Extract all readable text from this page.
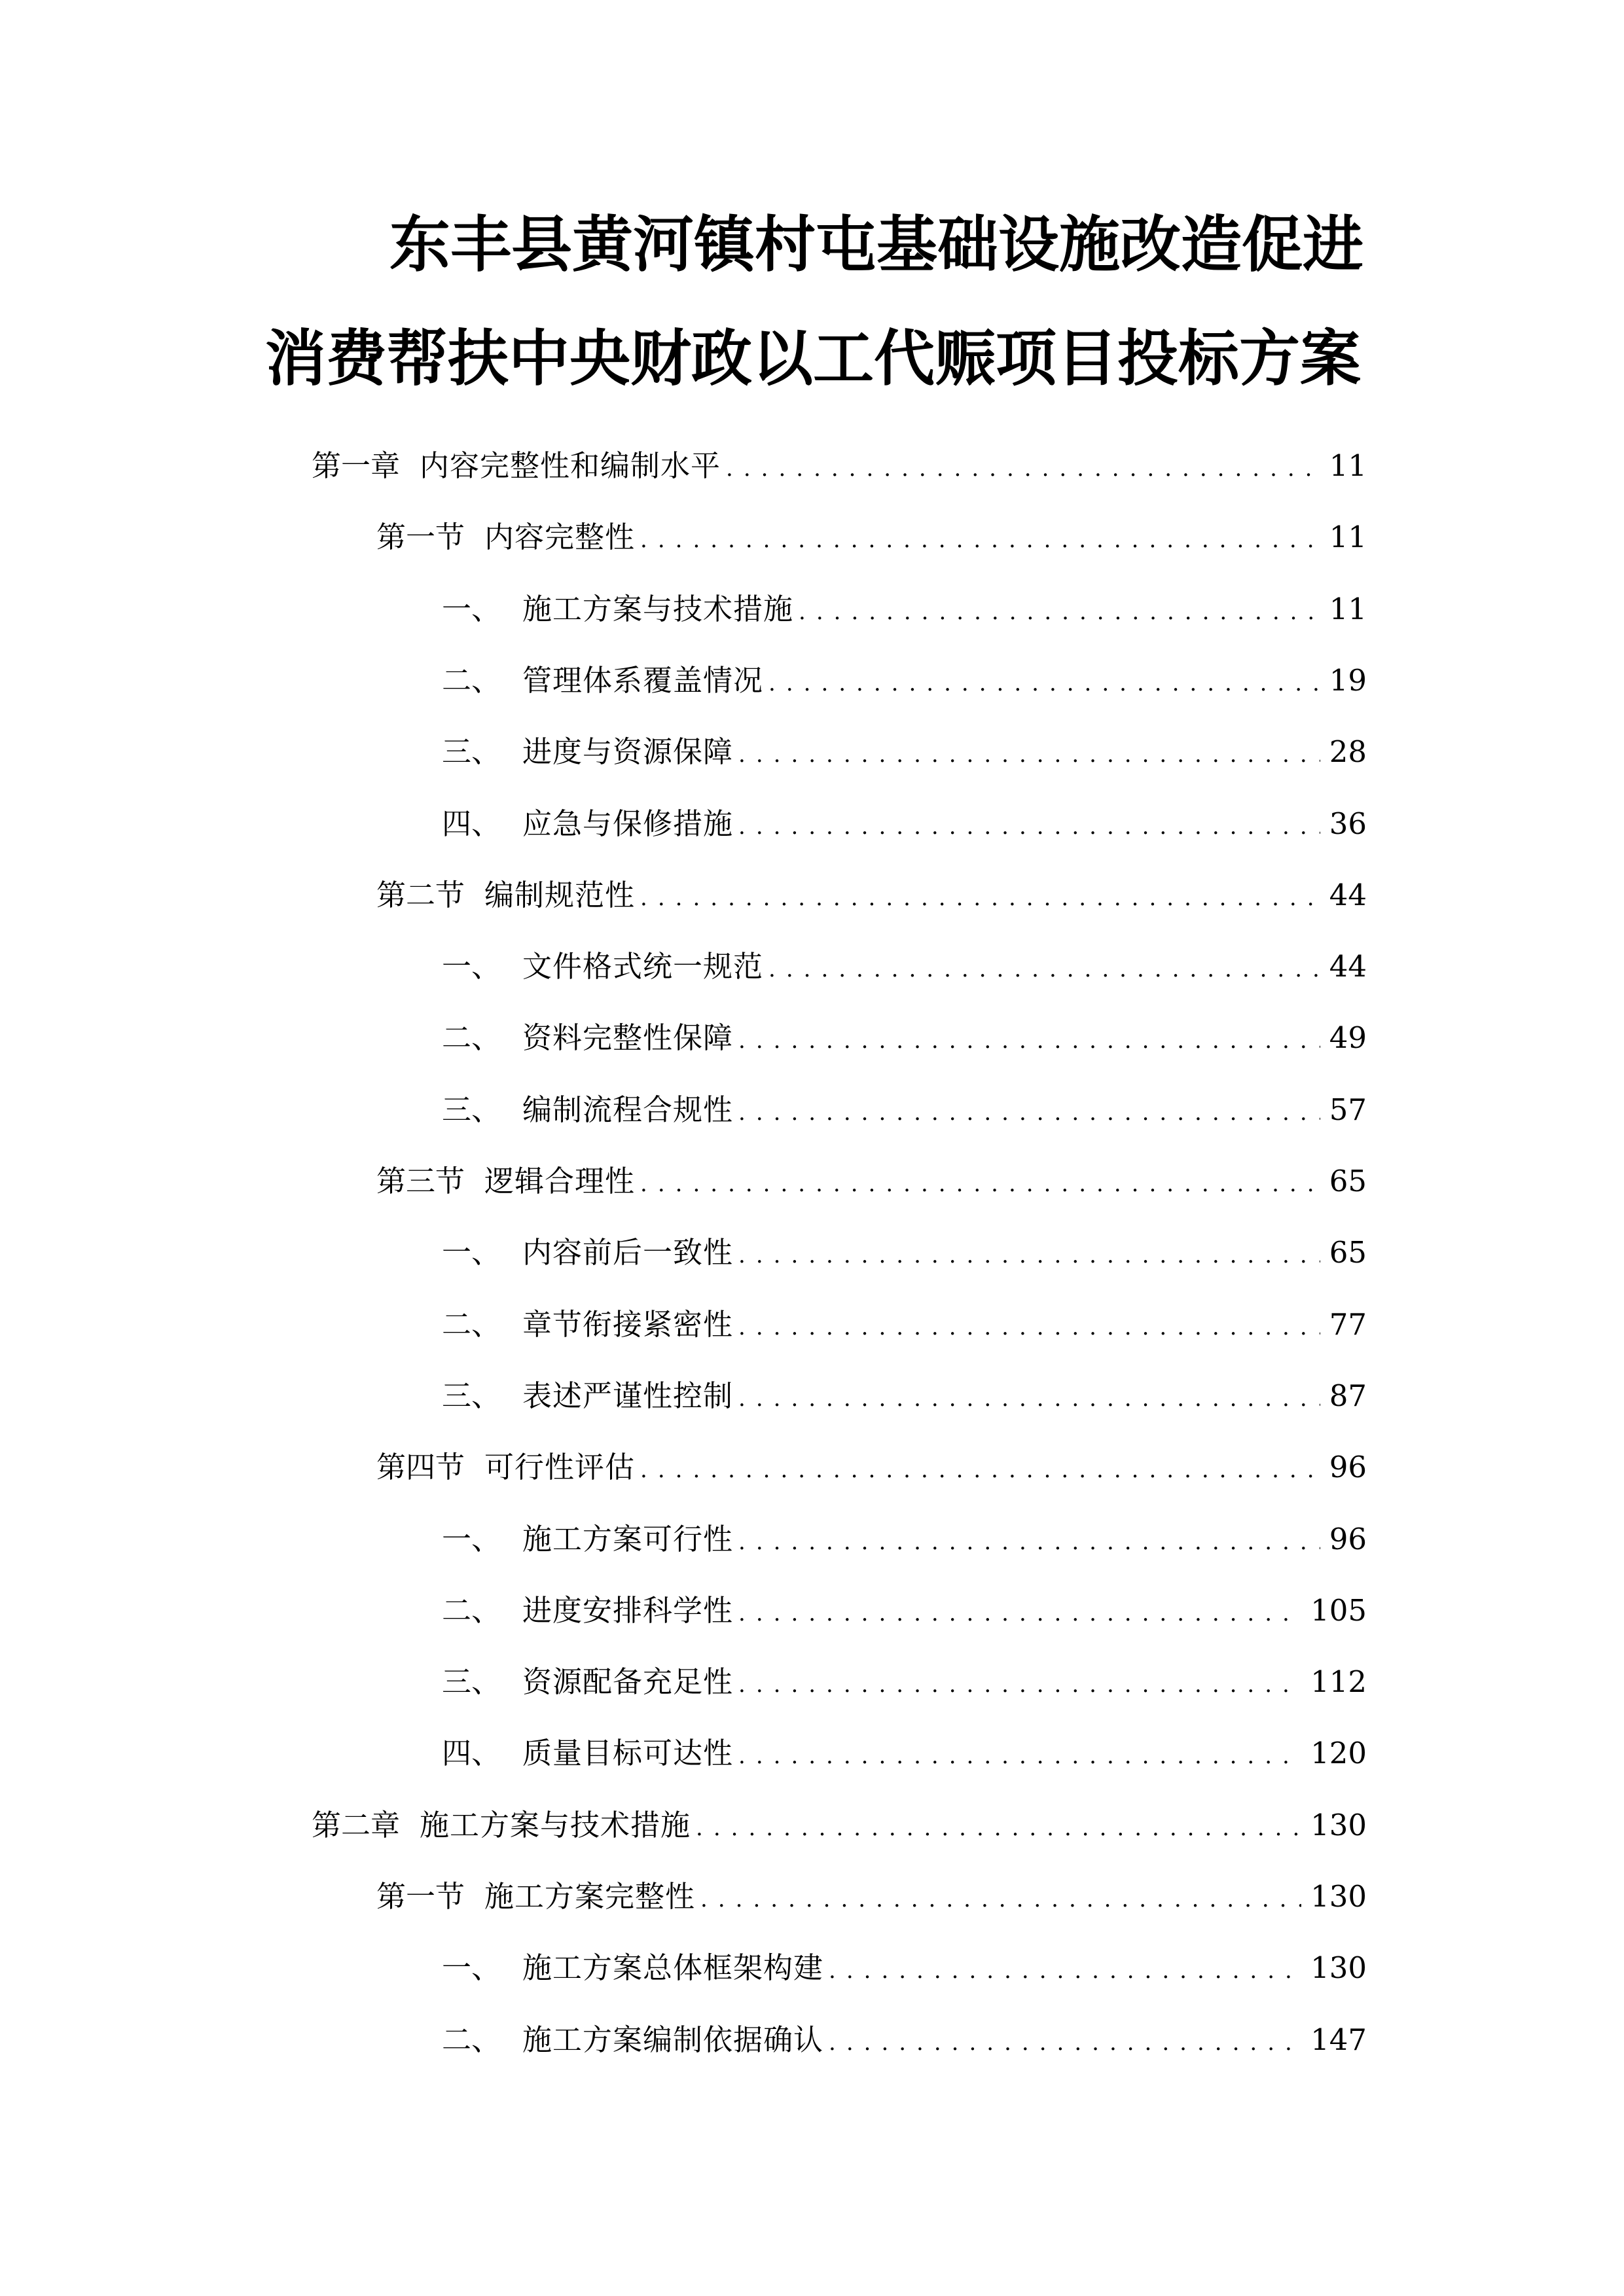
东丰县黄河镇村屯基础设施改造促进
消费帮扶中央财政以工代赈项目投标方案
第一章 内容完整性和编制水平 .....	11
第一节 内容完整性 .....	11
一、 施工方案与技术措施 .....	11
二、 管理体系覆盖情况 .....	19
三、 进度与资源保障 .....	28
四、 应急与保修措施 .....	36
第二节 编制规范性 .....	44
一、 文件格式统一规范 .....	44
二、 资料完整性保障 .....	49
三、 编制流程合规性 .....	57
第三节 逻辑合理性 .....	65
一、 内容前后一致性 .....	65
二、 章节衔接紧密性 .....	77
三、 表述严谨性控制 .....	87
第四节 可行性评估 .....	96
一、 施工方案可行性 .....	96
二、 进度安排科学性 .....	105
三、 资源配备充足性 .....	112
四、 质量目标可达性 .....	120
第二章 施工方案与技术措施 .....	130
第一节 施工方案完整性 .....	130
一、 施工方案总体框架构建 .....	130
二、 施工方案编制依据确认 .....	147
